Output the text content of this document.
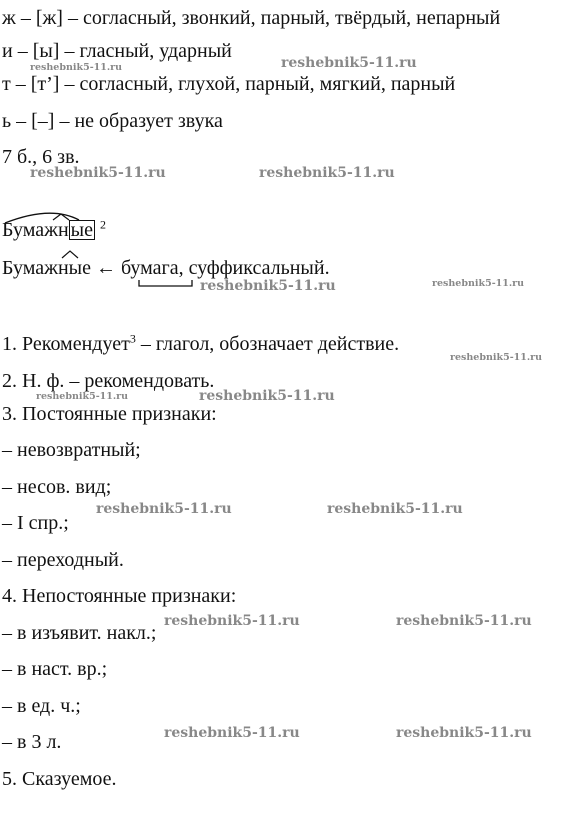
ж – [ж] – согласный, звонкий, парный, твёрдый, непарный
и – [ы] – гласный, ударный
т – [т’] – согласный, глухой, парный, мягкий, парный
ь – [–] – не образует звука
7 б., 6 зв.
Бумажн ые $^2$
Бумажные ← бумага, суффиксальный.
1. Рекомендует$^3$ – глагол, обозначает действие.
2. Н. ф. – рекомендовать.
3. Постоянные признаки:
– невозвратный;
– несов. вид;
– I спр.;
– переходный.
4. Непостоянные признаки:
– в изъявит. накл.;
– в наст. вр.;
– в ед. ч.;
– в 3 л.
5. Сказуемое.
reshebnik5-11.ru	reshebnik5-11.ru
reshebnik5-11.ru	reshebnik5-11.ru
reshebnik5-11.ru	reshebnik5-11.ru
reshebnik5-11.ru
reshebnik5-11.ru	reshebnik5-11.ru
reshebnik5-11.ru	reshebnik5-11.ru
reshebnik5-11.ru	reshebnik5-11.ru
reshebnik5-11.ru	reshebnik5-11.ru
